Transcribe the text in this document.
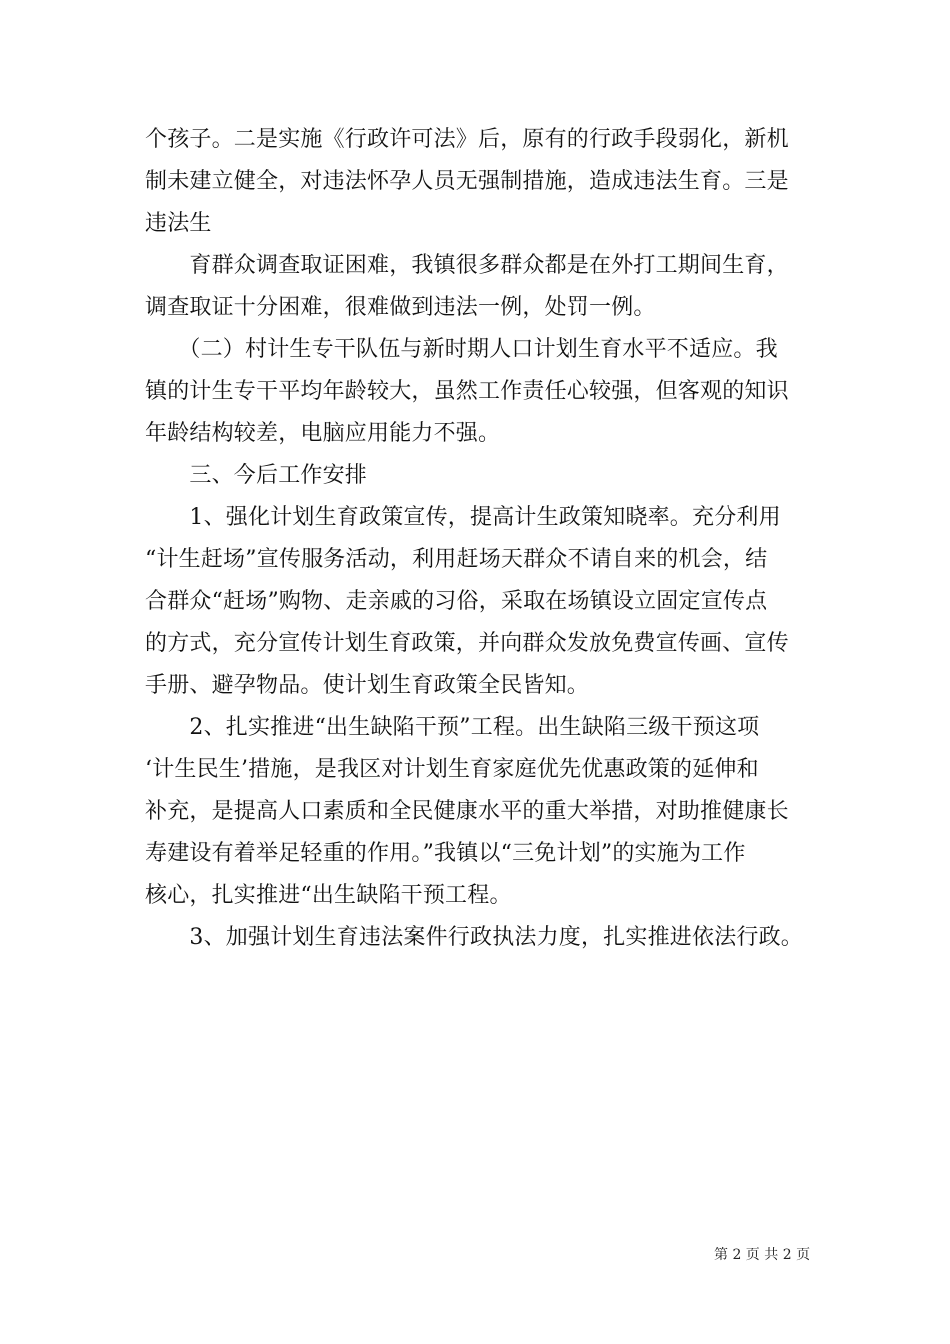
个孩子。二是实施《行政许可法》后，原有的行政手段弱化，新机
制未建立健全，对违法怀孕人员无强制措施，造成违法生育。三是
违法生
　　育群众调查取证困难，我镇很多群众都是在外打工期间生育，
调查取证十分困难，很难做到违法一例，处罚一例。
　　（二）村计生专干队伍与新时期人口计划生育水平不适应。我
镇的计生专干平均年龄较大，虽然工作责任心较强，但客观的知识
年龄结构较差，电脑应用能力不强。
　　三、今后工作安排
　　1、强化计划生育政策宣传，提高计生政策知晓率。充分利用
“计生赶场”宣传服务活动，利用赶场天群众不请自来的机会，结
合群众“赶场”购物、走亲戚的习俗，采取在场镇设立固定宣传点
的方式，充分宣传计划生育政策，并向群众发放免费宣传画、宣传
手册、避孕物品。使计划生育政策全民皆知。
　　2、扎实推进“出生缺陷干预”工程。出生缺陷三级干预这项
‘计生民生’措施，是我区对计划生育家庭优先优惠政策的延伸和
补充，是提高人口素质和全民健康水平的重大举措，对助推健康长
寿建设有着举足轻重的作用。”我镇以“三免计划”的实施为工作
核心，扎实推进“出生缺陷干预工程。
　　3、加强计划生育违法案件行政执法力度，扎实推进依法行政。
第 2 页 共 2 页
